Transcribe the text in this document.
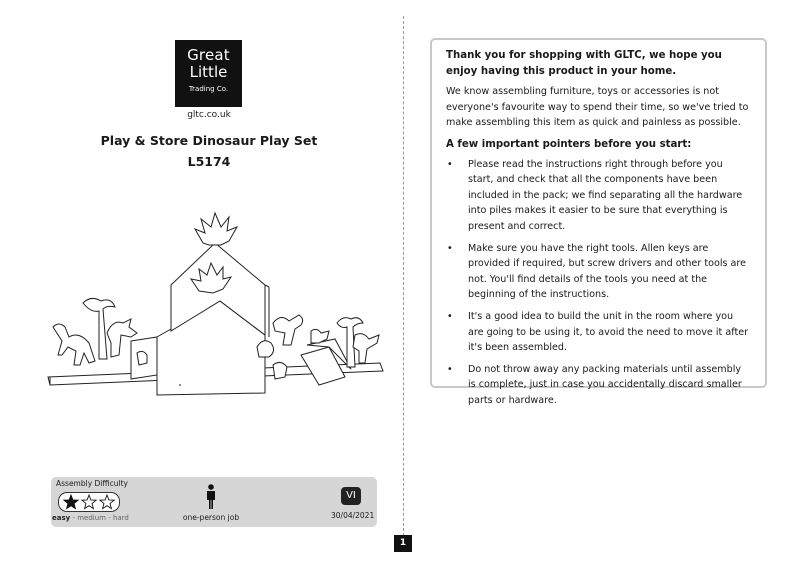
Great
Little
Trading Co.
gltc.co.uk
Play & Store Dinosaur Play Set
L5174
Assembly Difficulty
easy - medium - hard	one-person job
VI
30/04/2021
1
Thank you for shopping with GLTC, we hope you enjoy having this product in your home.

We know assembling furniture, toys or accessories is not everyone's favourite way to spend their time, so we've tried to make assembling this item as quick and painless as possible.

A few important pointers before you start:
• Please read the instructions right through before you start, and check that all the components have been included in the pack; we find separating all the hardware into piles makes it easier to be sure that everything is present and correct.
• Make sure you have the right tools. Allen keys are provided if required, but screw drivers and other tools are not. You'll find details of the tools you need at the beginning of the instructions.
• It's a good idea to build the unit in the room where you are going to be using it, to avoid the need to move it after it's been assembled.
• Do not throw away any packing materials until assembly is complete, just in case you accidentally discard smaller parts or hardware.
